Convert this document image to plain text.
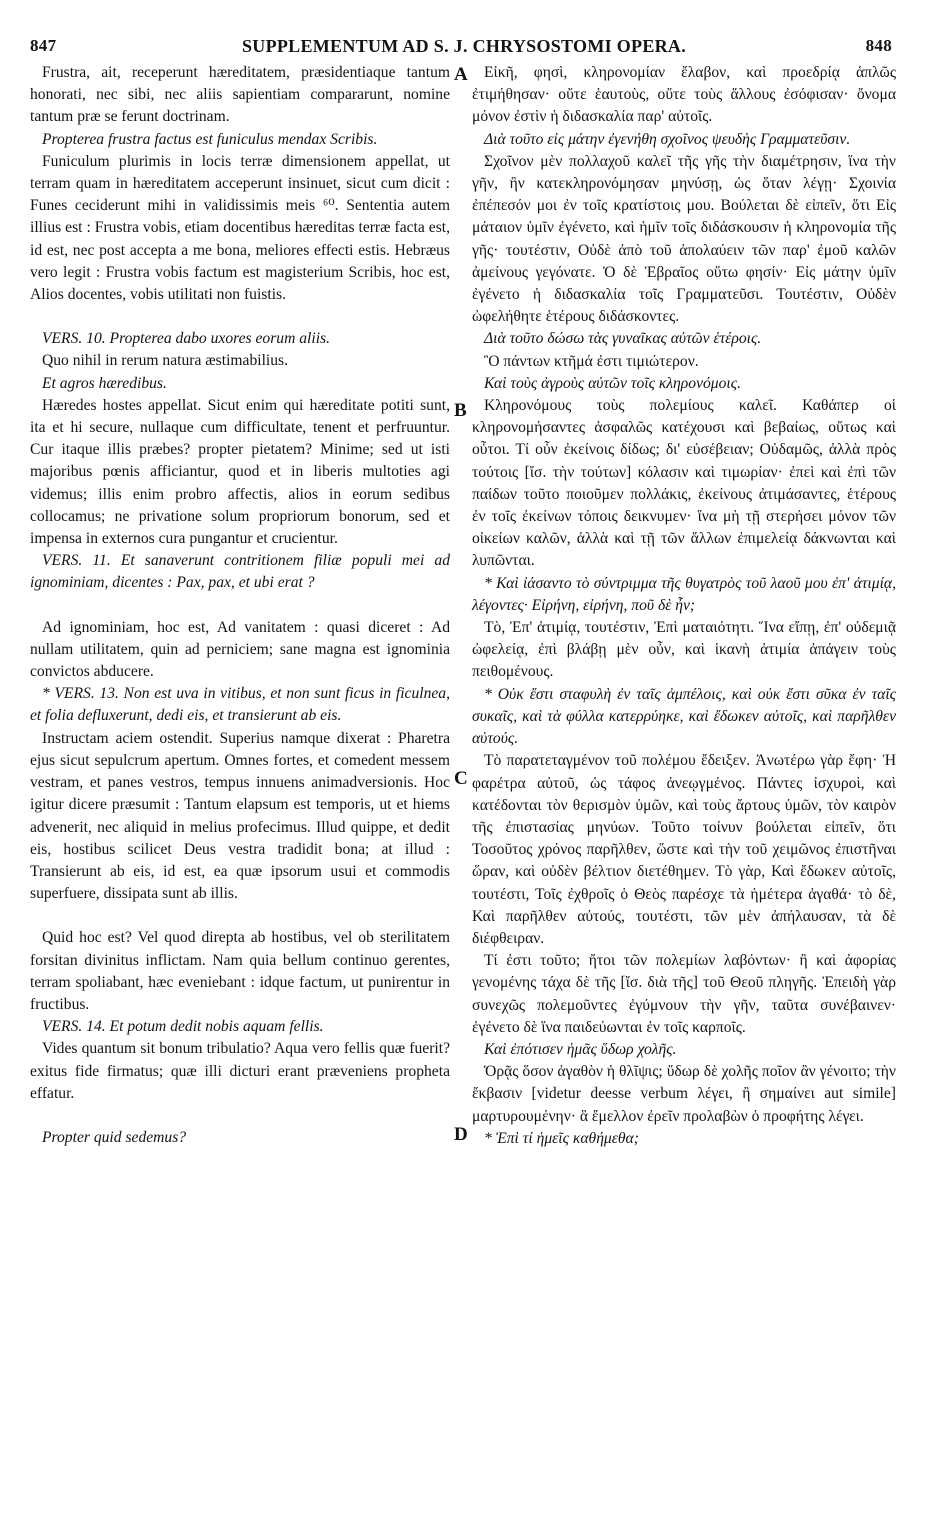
847	SUPPLEMENTUM AD S. J. CHRYSOSTOMI OPERA.	848
A
B
C
D

Frustra, ait, receperunt hæreditatem, præsidentiaque tantum honorati, nec sibi, nec aliis sapientiam compararunt, nomine tantum præ se ferunt doctrinam.

Propterea frustra factus est funiculus mendax Scribis.

Funiculum plurimis in locis terræ dimensionem appellat, ut terram quam in hæreditatem acceperunt insinuet, sicut cum dicit : Funes ceciderunt mihi in validissimis meis ⁶⁰. Sententia autem illius est : Frustra vobis, etiam docentibus hæreditas terræ facta est, id est, nec post accepta a me bona, meliores effecti estis. Hebræus vero legit : Frustra vobis factum est magisterium Scribis, hoc est, Alios docentes, vobis utilitati non fuistis.

VERS. 10. Propterea dabo uxores eorum aliis.

Quo nihil in rerum natura æstimabilius.

Et agros hæredibus.

Hæredes hostes appellat. Sicut enim qui hæreditate potiti sunt, ita et hi secure, nullaque cum difficultate, tenent et perfruuntur. Cur itaque illis præbes? propter pietatem? Minime; sed ut isti majoribus pœnis afficiantur, quod et in liberis multoties agi videmus; illis enim probro affectis, alios in eorum sedibus collocamus; ne privatione solum propriorum bonorum, sed et impensa in externos cura pungantur et crucientur.

VERS. 11. Et sanaverunt contritionem filiæ populi mei ad ignominiam, dicentes : Pax, pax, et ubi erat ?

Ad ignominiam, hoc est, Ad vanitatem : quasi diceret : Ad nullam utilitatem, quin ad perniciem; sane magna est ignominia convictos abducere.

* VERS. 13. Non est uva in vitibus, et non sunt ficus in ficulnea, et folia defluxerunt, dedi eis, et transierunt ab eis.

Instructam aciem ostendit. Superius namque dixerat : Pharetra ejus sicut sepulcrum apertum. Omnes fortes, et comedent messem vestram, et panes vestros, tempus innuens animadversionis. Hoc igitur dicere præsumit : Tantum elapsum est temporis, ut et hiems advenerit, nec aliquid in melius profecimus. Illud quippe, et dedit eis, hostibus scilicet Deus vestra tradidit bona; at illud : Transierunt ab eis, id est, ea quæ ipsorum usui et commodis superfuere, dissipata sunt ab illis.

Quid hoc est? Vel quod direpta ab hostibus, vel ob sterilitatem forsitan divinitus inflictam. Nam quia bellum continuo gerentes, terram spoliabant, hæc eveniebant : idque factum, ut punirentur in fructibus.

VERS. 14. Et potum dedit nobis aquam fellis.

Vides quantum sit bonum tribulatio? Aqua vero fellis quæ fuerit? exitus fide firmatus; quæ illi dicturi erant præveniens propheta effatur.

Propter quid sedemus?

Εἰκῆ, φησὶ, κληρονομίαν ἔλαβον, καὶ προεδρίᾳ ἁπλῶς ἐτιμήθησαν· οὔτε ἑαυτοὺς, οὔτε τοὺς ἄλλους ἐσόφισαν· ὄνομα μόνον ἐστὶν ἡ διδασκαλία παρ' αὐτοῖς.

Διὰ τοῦτο εἰς μάτην ἐγενήθη σχοῖνος ψευδὴς Γραμματεῦσιν.

Σχοῖνον μὲν πολλαχοῦ καλεῖ τῆς γῆς τὴν διαμέτρησιν, ἵνα τὴν γῆν, ἣν κατεκληρονόμησαν μηνύσῃ, ὡς ὅταν λέγῃ· Σχοινία ἐπέπεσόν μοι ἐν τοῖς κρατίστοις μου. Βούλεται δὲ εἰπεῖν, ὅτι Εἰς μάταιον ὑμῖν ἐγένετο, καὶ ἡμῖν τοῖς διδάσκουσιν ἡ κληρονομία τῆς γῆς· τουτέστιν, Οὐδὲ ἀπὸ τοῦ ἀπολαύειν τῶν παρ' ἐμοῦ καλῶν ἀμείνους γεγόνατε. Ὁ δὲ Ἑβραῖος οὕτω φησίν· Εἰς μάτην ὑμῖν ἐγένετο ἡ διδασκαλία τοῖς Γραμματεῦσι. Τουτέστιν, Οὐδὲν ὠφελήθητε ἑτέρους διδάσκοντες.

Διὰ τοῦτο δώσω τὰς γυναῖκας αὐτῶν ἑτέροις.

Ὃ πάντων κτῆμά ἐστι τιμιώτερον.

Καὶ τοὺς ἀγροὺς αὐτῶν τοῖς κληρονόμοις.

Κληρονόμους τοὺς πολεμίους καλεῖ. Καθάπερ οἱ κληρονομήσαντες ἀσφαλῶς κατέχουσι καὶ βεβαίως, οὕτως καὶ οὗτοι. Τί οὖν ἐκείνοις δίδως; δι' εὐσέβειαν; Οὐδαμῶς, ἀλλὰ πρὸς τούτοις [ἴσ. τὴν τούτων] κόλασιν καὶ τιμωρίαν· ἐπεὶ καὶ ἐπὶ τῶν παίδων τοῦτο ποιοῦμεν πολλάκις, ἐκείνους ἀτιμάσαντες, ἑτέρους ἐν τοῖς ἐκείνων τόποις δεικνυμεν· ἵνα μὴ τῇ στερήσει μόνον τῶν οἰκείων καλῶν, ἀλλὰ καὶ τῇ τῶν ἄλλων ἐπιμελείᾳ δάκνωνται καὶ λυπῶνται.

* Καὶ ἰάσαντο τὸ σύντριμμα τῆς θυγατρὸς τοῦ λαοῦ μου ἐπ' ἀτιμίᾳ, λέγοντες· Εἰρήνη, εἰρήνη, ποῦ δὲ ἦν;

Τὸ, Ἐπ' ἀτιμίᾳ, τουτέστιν, Ἐπὶ ματαιότητι. Ἵνα εἴπῃ, ἐπ' οὐδεμιᾷ ὠφελείᾳ, ἐπὶ βλάβῃ μὲν οὖν, καὶ ἱκανὴ ἀτιμία ἀπάγειν τοὺς πειθομένους.

* Οὐκ ἔστι σταφυλὴ ἐν ταῖς ἀμπέλοις, καὶ οὐκ ἔστι σῦκα ἐν ταῖς συκαῖς, καὶ τὰ φύλλα κατερρύηκε, καὶ ἔδωκεν αὐτοῖς, καὶ παρῆλθεν αὐτούς.

Τὸ παρατεταγμένον τοῦ πολέμου ἔδειξεν. Ἀνωτέρω γὰρ ἔφη· Ἡ φαρέτρα αὐτοῦ, ὡς τάφος ἀνεῳγμένος. Πάντες ἰσχυροὶ, καὶ κατέδονται τὸν θερισμὸν ὑμῶν, καὶ τοὺς ἄρτους ὑμῶν, τὸν καιρὸν τῆς ἐπιστασίας μηνύων. Τοῦτο τοίνυν βούλεται εἰπεῖν, ὅτι Τοσοῦτος χρόνος παρῆλθεν, ὥστε καὶ τὴν τοῦ χειμῶνος ἐπιστῆναι ὥραν, καὶ οὐδὲν βέλτιον διετέθημεν. Τὸ γὰρ, Καὶ ἔδωκεν αὐτοῖς, τουτέστι, Τοῖς ἐχθροῖς ὁ Θεὸς παρέσχε τὰ ἡμέτερα ἀγαθά· τὸ δὲ, Καὶ παρῆλθεν αὐτούς, τουτέστι, τῶν μὲν ἀπήλαυσαν, τὰ δὲ διέφθειραν.

Τί ἐστι τοῦτο; ἤτοι τῶν πολεμίων λαβόντων· ἢ καὶ ἀφορίας γενομένης τάχα δὲ τῆς [ἴσ. διὰ τῆς] τοῦ Θεοῦ πληγῆς. Ἐπειδὴ γὰρ συνεχῶς πολεμοῦντες ἐγύμνουν τὴν γῆν, ταῦτα συνέβαινεν· ἐγένετο δὲ ἵνα παιδεύωνται ἐν τοῖς καρποῖς.

Καὶ ἐπότισεν ἡμᾶς ὕδωρ χολῆς.

Ὁρᾷς ὅσον ἀγαθὸν ἡ θλῖψις; ὕδωρ δὲ χολῆς ποῖον ἂν γένοιτο; τὴν ἔκβασιν [videtur deesse verbum λέγει, ἢ σημαίνει aut simile] μαρτυρουμένην· ἃ ἔμελλον ἐρεῖν προλαβὼν ὁ προφήτης λέγει.

* Ἐπὶ τί ἡμεῖς καθήμεθα;
